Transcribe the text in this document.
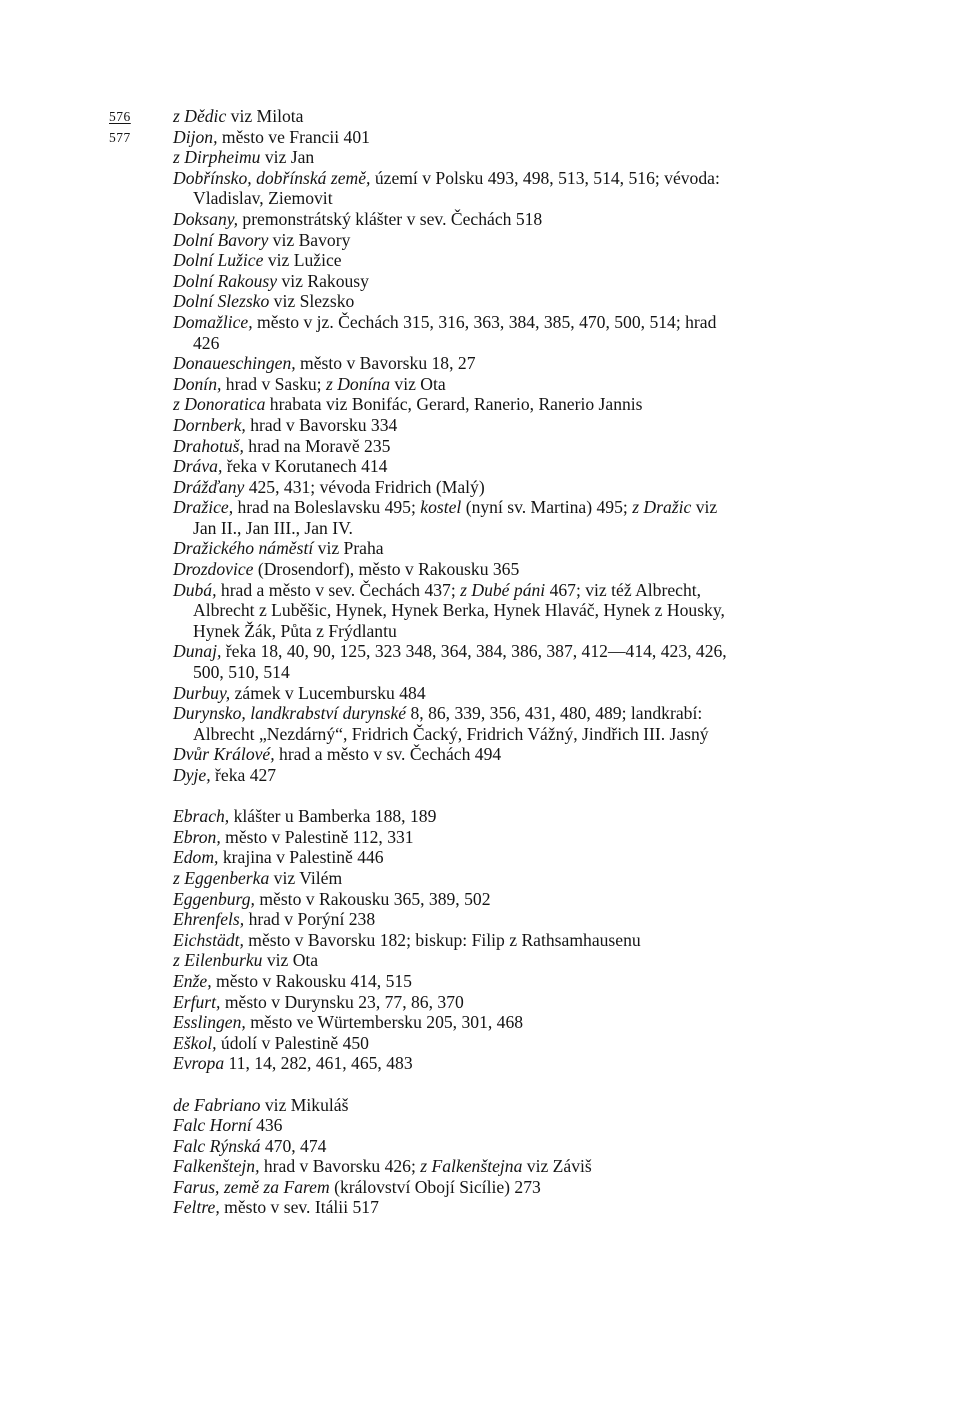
576
577
z Dědic viz Milota
Dijon, město ve Francii 401
z Dirpheimu viz Jan
Dobřínsko, dobřínská země, území v Polsku 493, 498, 513, 514, 516; vévoda: Vladislav, Ziemovit
Doksany, premonstrátský klášter v sev. Čechách 518
Dolní Bavory viz Bavory
Dolní Lužice viz Lužice
Dolní Rakousy viz Rakousy
Dolní Slezsko viz Slezsko
Domažlice, město v jz. Čechách 315, 316, 363, 384, 385, 470, 500, 514; hrad 426
Donaueschingen, město v Bavorsku 18, 27
Donín, hrad v Sasku; z Donína viz Ota
z Donoratica hrabata viz Bonifác, Gerard, Ranerio, Ranerio Jannis
Dornberk, hrad v Bavorsku 334
Drahotuš, hrad na Moravě 235
Dráva, řeka v Korutanech 414
Drážďany 425, 431; vévoda Fridrich (Malý)
Dražice, hrad na Boleslavsku 495; kostel (nyní sv. Martina) 495; z Dražic viz Jan II., Jan III., Jan IV.
Dražického náměstí viz Praha
Drozdovice (Drosendorf), město v Rakousku 365
Dubá, hrad a město v sev. Čechách 437; z Dubé páni 467; viz též Albrecht, Albrecht z Luběšic, Hynek, Hynek Berka, Hynek Hlaváč, Hynek z Housky, Hynek Žák, Půta z Frýdlantu
Dunaj, řeka 18, 40, 90, 125, 323 348, 364, 384, 386, 387, 412—414, 423, 426, 500, 510, 514
Durbuy, zámek v Lucembursku 484
Durynsko, landkrabství durynské 8, 86, 339, 356, 431, 480, 489; landkrabí: Albrecht „Nezdárný“, Fridrich Čacký, Fridrich Vážný, Jindřich III. Jasný
Dvůr Králové, hrad a město v sv. Čechách 494
Dyje, řeka 427
Ebrach, klášter u Bamberka 188, 189
Ebron, město v Palestině 112, 331
Edom, krajina v Palestině 446
z Eggenberka viz Vilém
Eggenburg, město v Rakousku 365, 389, 502
Ehrenfels, hrad v Porýní 238
Eichstädt, město v Bavorsku 182; biskup: Filip z Rathsamhausenu
z Eilenburku viz Ota
Enže, město v Rakousku 414, 515
Erfurt, město v Durynsku 23, 77, 86, 370
Esslingen, město ve Würtembersku 205, 301, 468
Eškol, údolí v Palestině 450
Evropa 11, 14, 282, 461, 465, 483
de Fabriano viz Mikuláš
Falc Horní 436
Falc Rýnská 470, 474
Falkenštejn, hrad v Bavorsku 426; z Falkenštejna viz Záviš
Farus, země za Farem (království Obojí Sicílie) 273
Feltre, město v sev. Itálii 517
